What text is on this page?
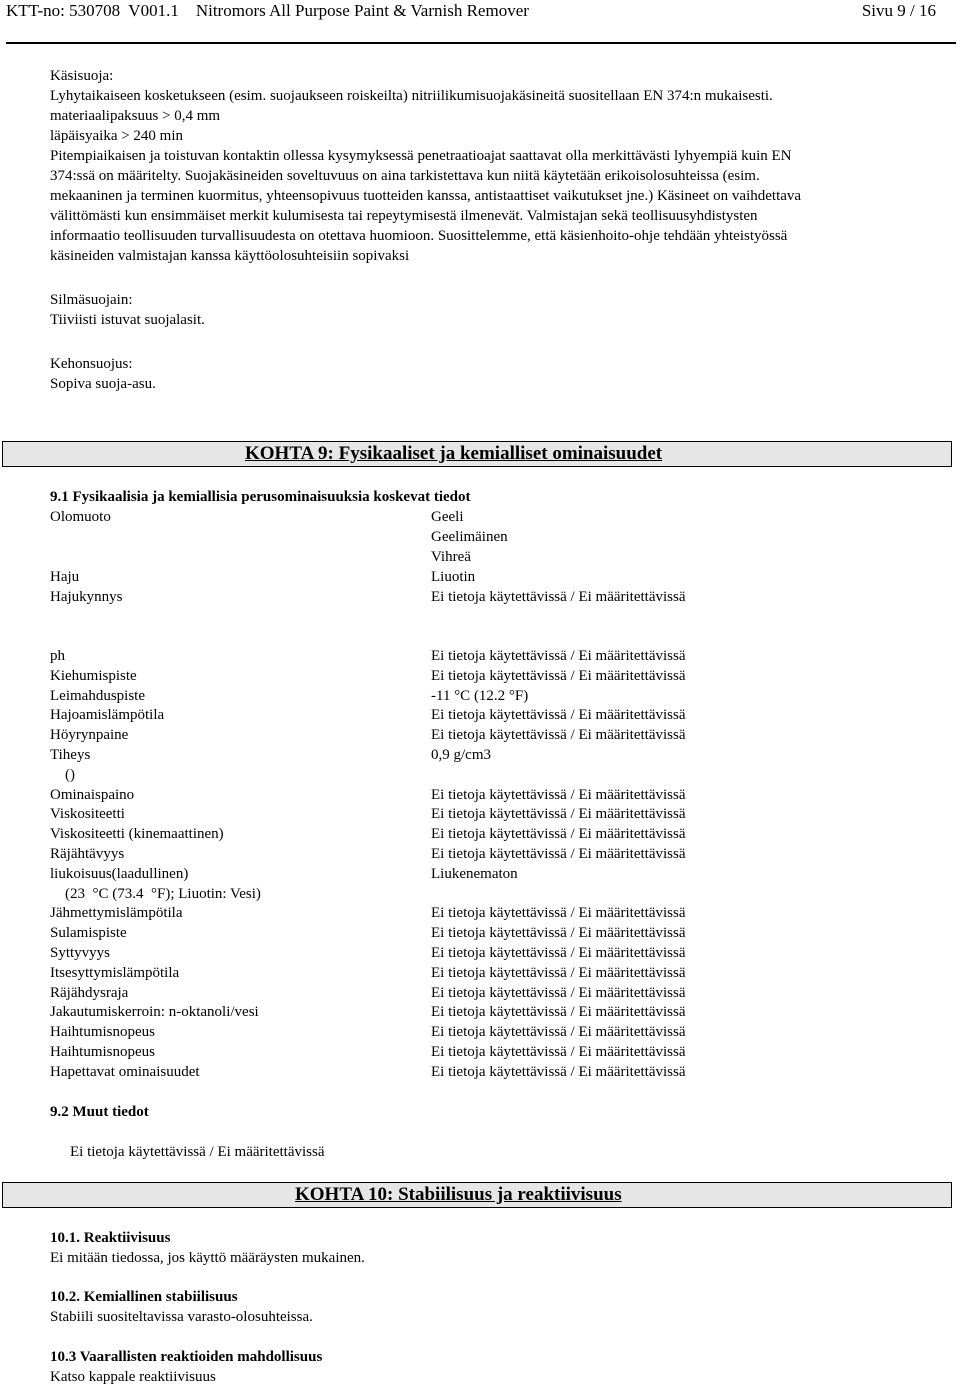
KTT-no: 530708  V001.1    Nitromors All Purpose Paint & Varnish Remover	Sivu 9 / 16
Käsisuoja:
Lyhytaikaiseen kosketukseen (esim. suojaukseen roiskeilta) nitriilikumisuojakäsineitä suositellaan EN 374:n mukaisesti.
materiaalipaksuus > 0,4 mm
läpäisyaika > 240 min
Pitempiaikaisen ja toistuvan kontaktin ollessa kysymyksessä penetraatioajat saattavat olla merkittävästi lyhyempiä kuin EN
374:ssä on määritelty. Suojakäsineiden soveltuvuus on aina tarkistettava kun niitä käytetään erikoisolosuhteissa (esim.
mekaaninen ja terminen kuormitus, yhteensopivuus tuotteiden kanssa, antistaattiset vaikutukset jne.) Käsineet on vaihdettava
välittömästi kun ensimmäiset merkit kulumisesta tai repeytymisestä ilmenevät. Valmistajan sekä teollisuusyhdistysten
informaatio teollisuuden turvallisuudesta on otettava huomioon. Suosittelemme, että käsienhoito-ohje tehdään yhteistyössä
käsineiden valmistajan kanssa käyttöolosuhteisiin sopivaksi
Silmäsuojain:
Tiiviisti istuvat suojalasit.
Kehonsuojus:
Sopiva suoja-asu.
KOHTA 9: Fysikaaliset ja kemialliset ominaisuudet
9.1 Fysikaalisia ja kemiallisia perusominaisuuksia koskevat tiedot
Olomuoto	Geeli
Geelimäinen
Vihreä
Haju	Liuotin
Hajukynnys	Ei tietoja käytettävissä / Ei määritettävissä
ph	Ei tietoja käytettävissä / Ei määritettävissä
Kiehumispiste	Ei tietoja käytettävissä / Ei määritettävissä
Leimahduspiste	-11 °C (12.2 °F)
Hajoamislämpötila	Ei tietoja käytettävissä / Ei määritettävissä
Höyrynpaine	Ei tietoja käytettävissä / Ei määritettävissä
Tiheys	0,9 g/cm3
()
Ominaispaino	Ei tietoja käytettävissä / Ei määritettävissä
Viskositeetti	Ei tietoja käytettävissä / Ei määritettävissä
Viskositeetti (kinemaattinen)	Ei tietoja käytettävissä / Ei määritettävissä
Räjähtävyys	Ei tietoja käytettävissä / Ei määritettävissä
liukoisuus(laadullinen)	Liukenematon
(23  °C (73.4  °F); Liuotin: Vesi)
Jähmettymislämpötila	Ei tietoja käytettävissä / Ei määritettävissä
Sulamispiste	Ei tietoja käytettävissä / Ei määritettävissä
Syttyvyys	Ei tietoja käytettävissä / Ei määritettävissä
Itsesyttymislämpötila	Ei tietoja käytettävissä / Ei määritettävissä
Räjähdysraja	Ei tietoja käytettävissä / Ei määritettävissä
Jakautumiskerroin: n-oktanoli/vesi	Ei tietoja käytettävissä / Ei määritettävissä
Haihtumisnopeus	Ei tietoja käytettävissä / Ei määritettävissä
Haihtumisnopeus	Ei tietoja käytettävissä / Ei määritettävissä
Hapettavat ominaisuudet	Ei tietoja käytettävissä / Ei määritettävissä
9.2 Muut tiedot
Ei tietoja käytettävissä / Ei määritettävissä
KOHTA 10: Stabiilisuus ja reaktiivisuus
10.1. Reaktiivisuus
Ei mitään tiedossa, jos käyttö määräysten mukainen.
10.2. Kemiallinen stabiilisuus
Stabiili suositeltavissa varasto-olosuhteissa.
10.3 Vaarallisten reaktioiden mahdollisuus
Katso kappale reaktiivisuus
